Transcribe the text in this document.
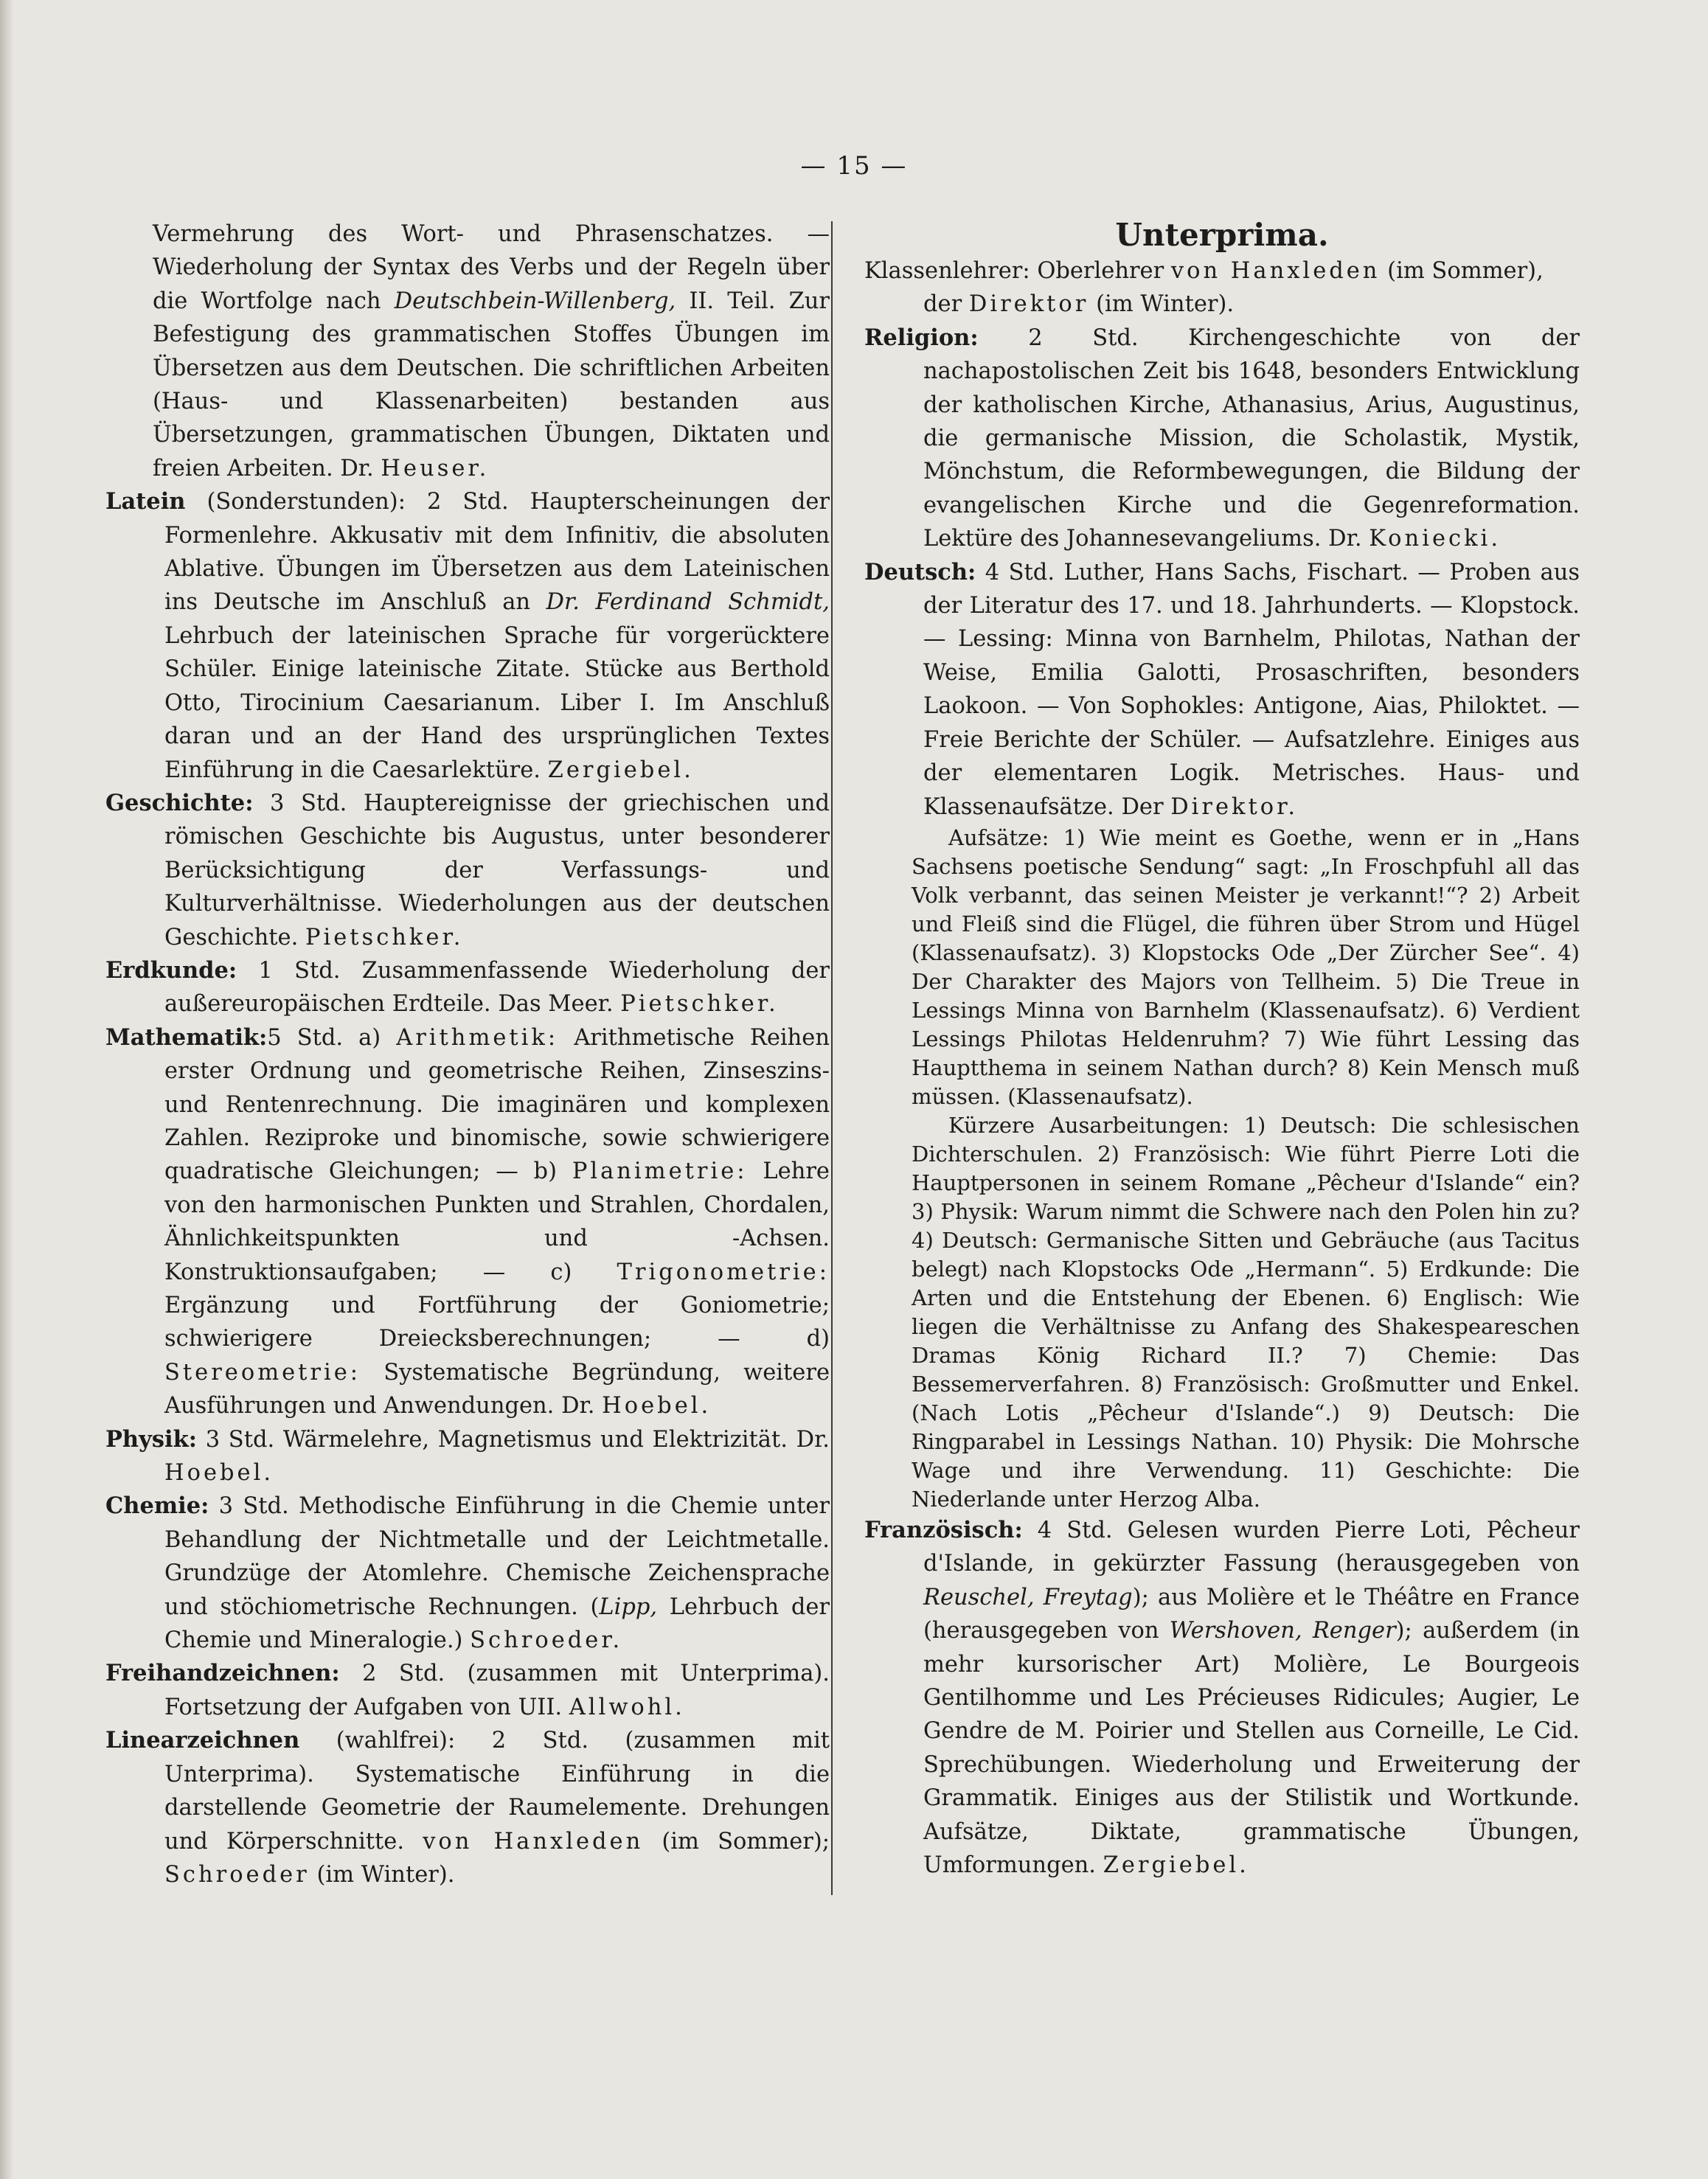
— 15 —

Vermehrung des Wort- und Phrasenschatzes. — Wiederholung der Syntax des Verbs und der Regeln über die Wortfolge nach Deutschbein-Willenberg, II. Teil. Zur Befestigung des grammatischen Stoffes Übungen im Übersetzen aus dem Deutschen. Die schriftlichen Arbeiten (Haus- und Klassenarbeiten) bestanden aus Übersetzungen, grammatischen Übungen, Diktaten und freien Arbeiten. Dr. Heuser.

Latein (Sonderstunden): 2 Std. Haupterscheinungen der Formenlehre. Akkusativ mit dem Infinitiv, die absoluten Ablative. Übungen im Übersetzen aus dem Lateinischen ins Deutsche im Anschluß an Dr. Ferdinand Schmidt, Lehrbuch der lateinischen Sprache für vorgerücktere Schüler. Einige lateinische Zitate. Stücke aus Berthold Otto, Tirocinium Caesarianum. Liber I. Im Anschluß daran und an der Hand des ursprünglichen Textes Einführung in die Caesarlektüre. Zergiebel.

Geschichte: 3 Std. Hauptereignisse der griechischen und römischen Geschichte bis Augustus, unter besonderer Berücksichtigung der Verfassungs- und Kulturverhältnisse. Wiederholungen aus der deutschen Geschichte. Pietschker.

Erdkunde: 1 Std. Zusammenfassende Wiederholung der außereuropäischen Erdteile. Das Meer. Pietschker.

Mathematik:5 Std. a) Arithmetik: Arithmetische Reihen erster Ordnung und geometrische Reihen, Zinseszins- und Rentenrechnung. Die imaginären und komplexen Zahlen. Reziproke und binomische, sowie schwierigere quadratische Gleichungen; — b) Planimetrie: Lehre von den harmonischen Punkten und Strahlen, Chordalen, Ähnlichkeitspunkten und -Achsen. Konstruktionsaufgaben; — c) Trigonometrie: Ergänzung und Fortführung der Goniometrie; schwierigere Dreiecksberechnungen; — d) Stereometrie: Systematische Begründung, weitere Ausführungen und Anwendungen. Dr. Hoebel.

Physik: 3 Std. Wärmelehre, Magnetismus und Elektrizität. Dr. Hoebel.

Chemie: 3 Std. Methodische Einführung in die Chemie unter Behandlung der Nichtmetalle und der Leichtmetalle. Grundzüge der Atomlehre. Chemische Zeichensprache und stöchiometrische Rechnungen. (Lipp, Lehrbuch der Chemie und Mineralogie.) Schroeder.

Freihandzeichnen: 2 Std. (zusammen mit Unterprima). Fortsetzung der Aufgaben von UII. Allwohl.

Linearzeichnen (wahlfrei): 2 Std. (zusammen mit Unterprima). Systematische Einführung in die darstellende Geometrie der Raumelemente. Drehungen und Körperschnitte. von Hanxleden (im Sommer); Schroeder (im Winter).

Unterprima.

Klassenlehrer: Oberlehrer von Hanxleden (im Sommer), der Direktor (im Winter).

Religion: 2 Std. Kirchengeschichte von der nachapostolischen Zeit bis 1648, besonders Entwicklung der katholischen Kirche, Athanasius, Arius, Augustinus, die germanische Mission, die Scholastik, Mystik, Mönchstum, die Reformbewegungen, die Bildung der evangelischen Kirche und die Gegenreformation. Lektüre des Johannesevangeliums. Dr. Koniecki.

Deutsch: 4 Std. Luther, Hans Sachs, Fischart. — Proben aus der Literatur des 17. und 18. Jahrhunderts. — Klopstock. — Lessing: Minna von Barnhelm, Philotas, Nathan der Weise, Emilia Galotti, Prosaschriften, besonders Laokoon. — Von Sophokles: Antigone, Aias, Philoktet. — Freie Berichte der Schüler. — Aufsatzlehre. Einiges aus der elementaren Logik. Metrisches. Haus- und Klassenaufsätze. Der Direktor.

Aufsätze: 1) Wie meint es Goethe, wenn er in „Hans Sachsens poetische Sendung“ sagt: „In Froschpfuhl all das Volk verbannt, das seinen Meister je verkannt!“? 2) Arbeit und Fleiß sind die Flügel, die führen über Strom und Hügel (Klassenaufsatz). 3) Klopstocks Ode „Der Zürcher See“. 4) Der Charakter des Majors von Tellheim. 5) Die Treue in Lessings Minna von Barnhelm (Klassenaufsatz). 6) Verdient Lessings Philotas Heldenruhm? 7) Wie führt Lessing das Hauptthema in seinem Nathan durch? 8) Kein Mensch muß müssen. (Klassenaufsatz).

Kürzere Ausarbeitungen: 1) Deutsch: Die schlesischen Dichterschulen. 2) Französisch: Wie führt Pierre Loti die Hauptpersonen in seinem Romane „Pêcheur d'Islande“ ein? 3) Physik: Warum nimmt die Schwere nach den Polen hin zu? 4) Deutsch: Germanische Sitten und Gebräuche (aus Tacitus belegt) nach Klopstocks Ode „Hermann“. 5) Erdkunde: Die Arten und die Entstehung der Ebenen. 6) Englisch: Wie liegen die Verhältnisse zu Anfang des Shakespeareschen Dramas König Richard II.? 7) Chemie: Das Bessemerverfahren. 8) Französisch: Großmutter und Enkel. (Nach Lotis „Pêcheur d'Islande“.) 9) Deutsch: Die Ringparabel in Lessings Nathan. 10) Physik: Die Mohrsche Wage und ihre Verwendung. 11) Geschichte: Die Niederlande unter Herzog Alba.

Französisch: 4 Std. Gelesen wurden Pierre Loti, Pêcheur d'Islande, in gekürzter Fassung (herausgegeben von Reuschel, Freytag); aus Molière et le Théâtre en France (herausgegeben von Wershoven, Renger); außerdem (in mehr kursorischer Art) Molière, Le Bourgeois Gentilhomme und Les Précieuses Ridicules; Augier, Le Gendre de M. Poirier und Stellen aus Corneille, Le Cid. Sprechübungen. Wiederholung und Erweiterung der Grammatik. Einiges aus der Stilistik und Wortkunde. Aufsätze, Diktate, grammatische Übungen, Umformungen. Zergiebel.
